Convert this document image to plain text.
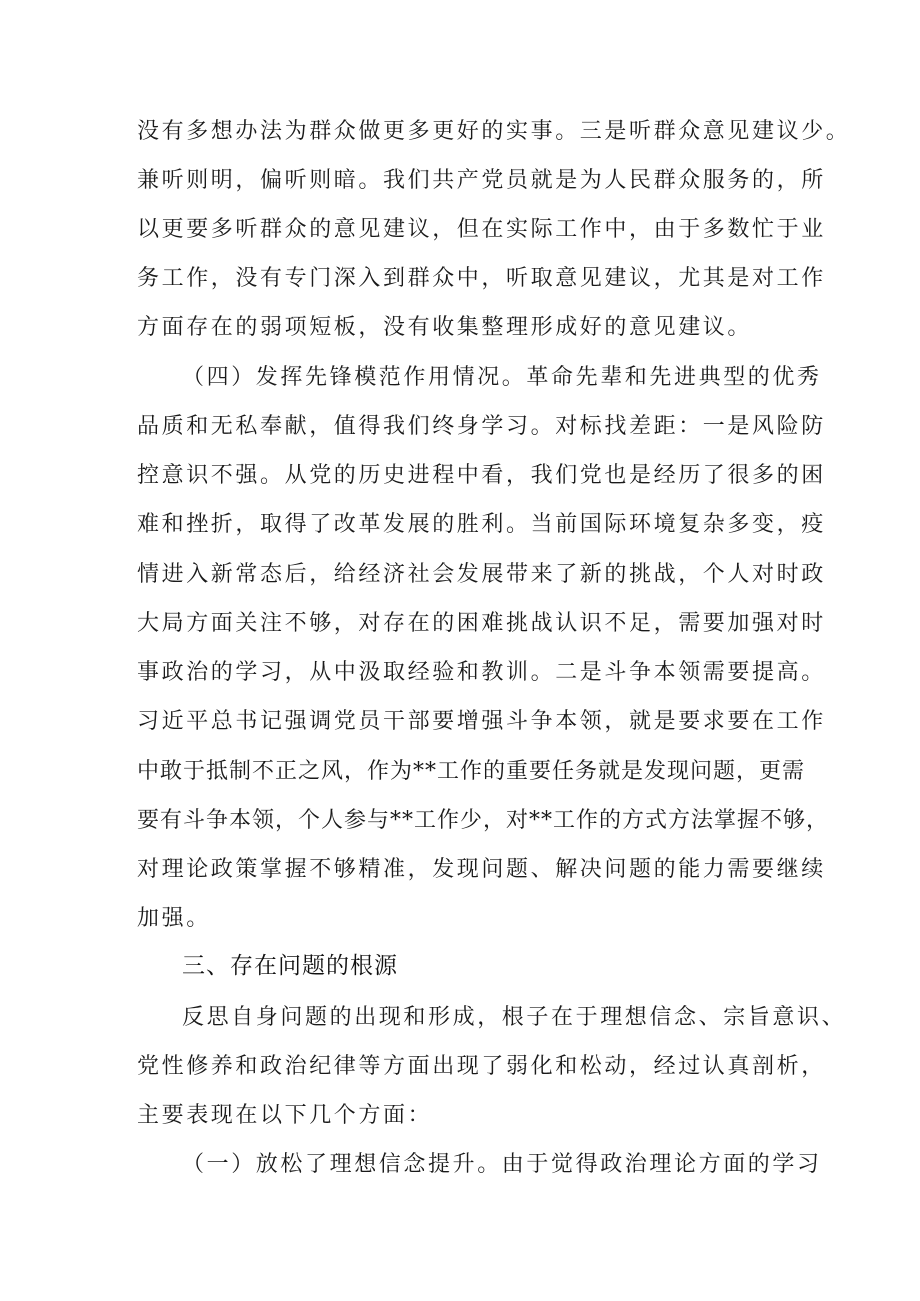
没有多想办法为群众做更多更好的实事。三是听群众意见建议少。
兼听则明，偏听则暗。我们共产党员就是为人民群众服务的，所
以更要多听群众的意见建议，但在实际工作中，由于多数忙于业
务工作，没有专门深入到群众中，听取意见建议，尤其是对工作
方面存在的弱项短板，没有收集整理形成好的意见建议。
（四）发挥先锋模范作用情况。革命先辈和先进典型的优秀
品质和无私奉献，值得我们终身学习。对标找差距：一是风险防
控意识不强。从党的历史进程中看，我们党也是经历了很多的困
难和挫折，取得了改革发展的胜利。当前国际环境复杂多变，疫
情进入新常态后，给经济社会发展带来了新的挑战，个人对时政
大局方面关注不够，对存在的困难挑战认识不足，需要加强对时
事政治的学习，从中汲取经验和教训。二是斗争本领需要提高。
习近平总书记强调党员干部要增强斗争本领，就是要求要在工作
中敢于抵制不正之风，作为**工作的重要任务就是发现问题，更需
要有斗争本领，个人参与**工作少，对**工作的方式方法掌握不够，
对理论政策掌握不够精准，发现问题、解决问题的能力需要继续
加强。
三、存在问题的根源
反思自身问题的出现和形成，根子在于理想信念、宗旨意识、
党性修养和政治纪律等方面出现了弱化和松动，经过认真剖析，
主要表现在以下几个方面：
（一）放松了理想信念提升。由于觉得政治理论方面的学习
